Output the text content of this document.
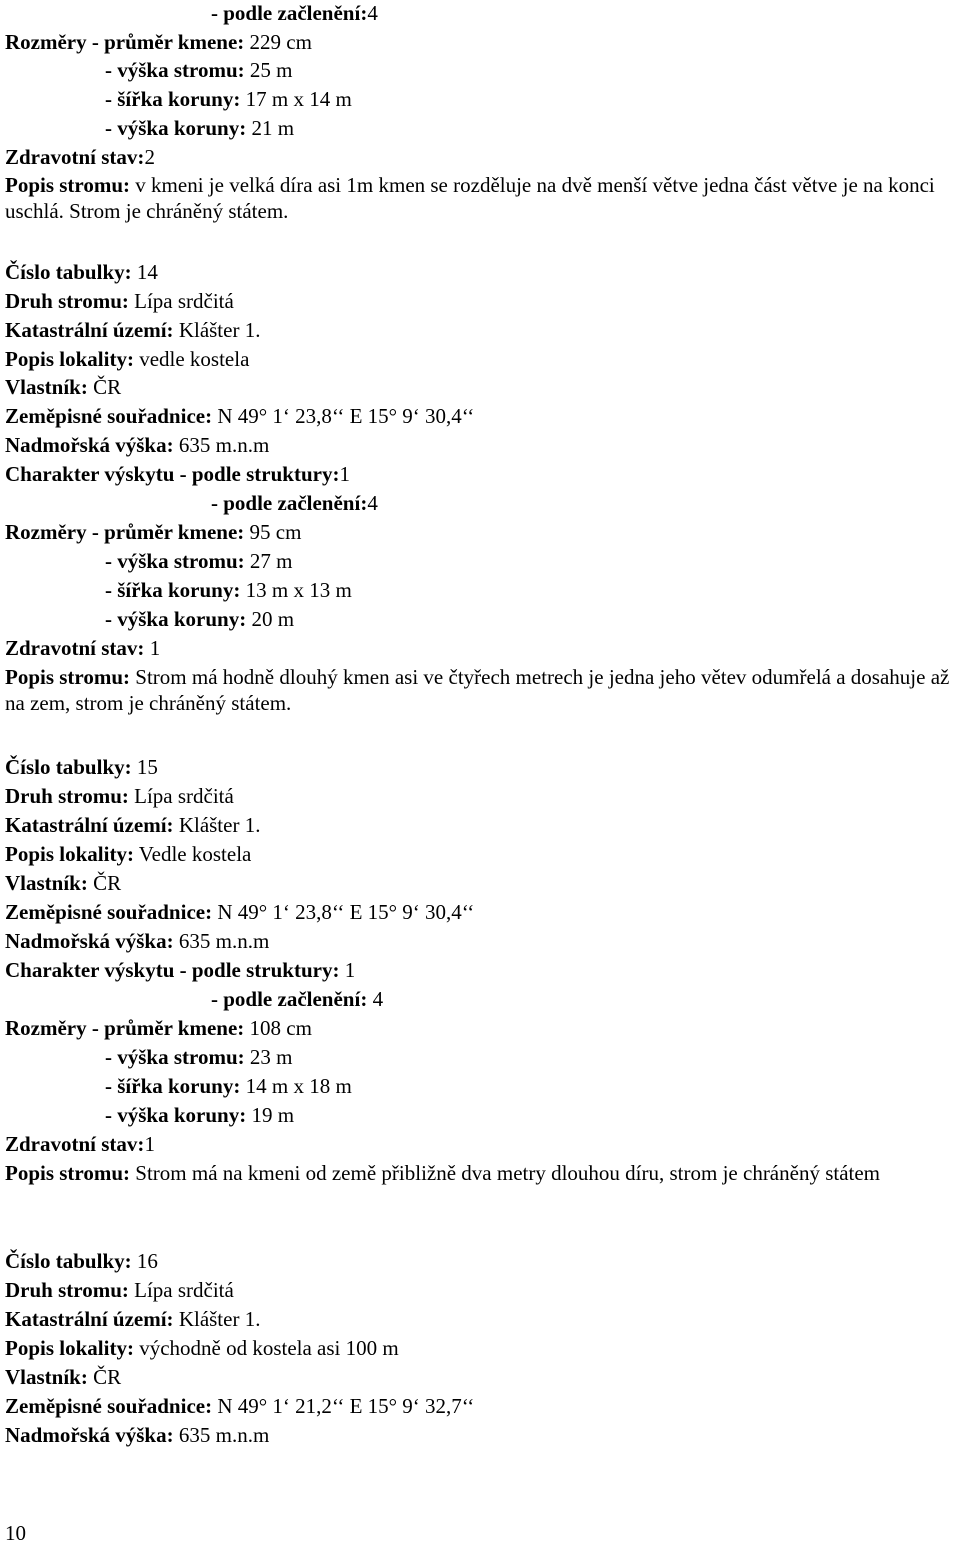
- podle začlenění:4
Rozměry - průměr kmene: 229 cm
- výška stromu: 25 m
- šířka koruny: 17 m x 14 m
- výška koruny: 21 m
Zdravotní stav:2
Popis stromu: v kmeni je velká díra asi 1m kmen se rozděluje na dvě menší větve jedna část větve je na konci uschlá. Strom je chráněný státem.
Číslo tabulky: 14
Druh stromu: Lípa srdčitá
Katastrální území: Klášter 1.
Popis lokality: vedle kostela
Vlastník: ČR
Zeměpisné souřadnice: N 49° 1‘ 23,8‘‘ E 15° 9‘ 30,4‘‘
Nadmořská výška: 635 m.n.m
Charakter výskytu - podle struktury:1
- podle začlenění:4
Rozměry - průměr kmene: 95 cm
- výška stromu: 27 m
- šířka koruny: 13 m x 13 m
- výška koruny: 20 m
Zdravotní stav: 1
Popis stromu: Strom má hodně dlouhý kmen asi ve čtyřech metrech je jedna jeho větev odumřelá a dosahuje až na zem, strom je chráněný státem.
Číslo tabulky: 15
Druh stromu: Lípa srdčitá
Katastrální území: Klášter 1.
Popis lokality: Vedle kostela
Vlastník: ČR
Zeměpisné souřadnice: N 49° 1‘ 23,8‘‘ E 15° 9‘ 30,4‘‘
Nadmořská výška: 635 m.n.m
Charakter výskytu - podle struktury: 1
- podle začlenění: 4
Rozměry - průměr kmene: 108 cm
- výška stromu: 23 m
- šířka koruny: 14 m x 18 m
- výška koruny: 19 m
Zdravotní stav:1
Popis stromu: Strom má na kmeni od země přibližně dva metry dlouhou díru, strom je chráněný státem
Číslo tabulky: 16
Druh stromu: Lípa srdčitá
Katastrální území: Klášter 1.
Popis lokality: východně od kostela asi 100 m
Vlastník: ČR
Zeměpisné souřadnice: N 49° 1‘ 21,2‘‘ E 15° 9‘ 32,7‘‘
Nadmořská výška: 635 m.n.m
10
